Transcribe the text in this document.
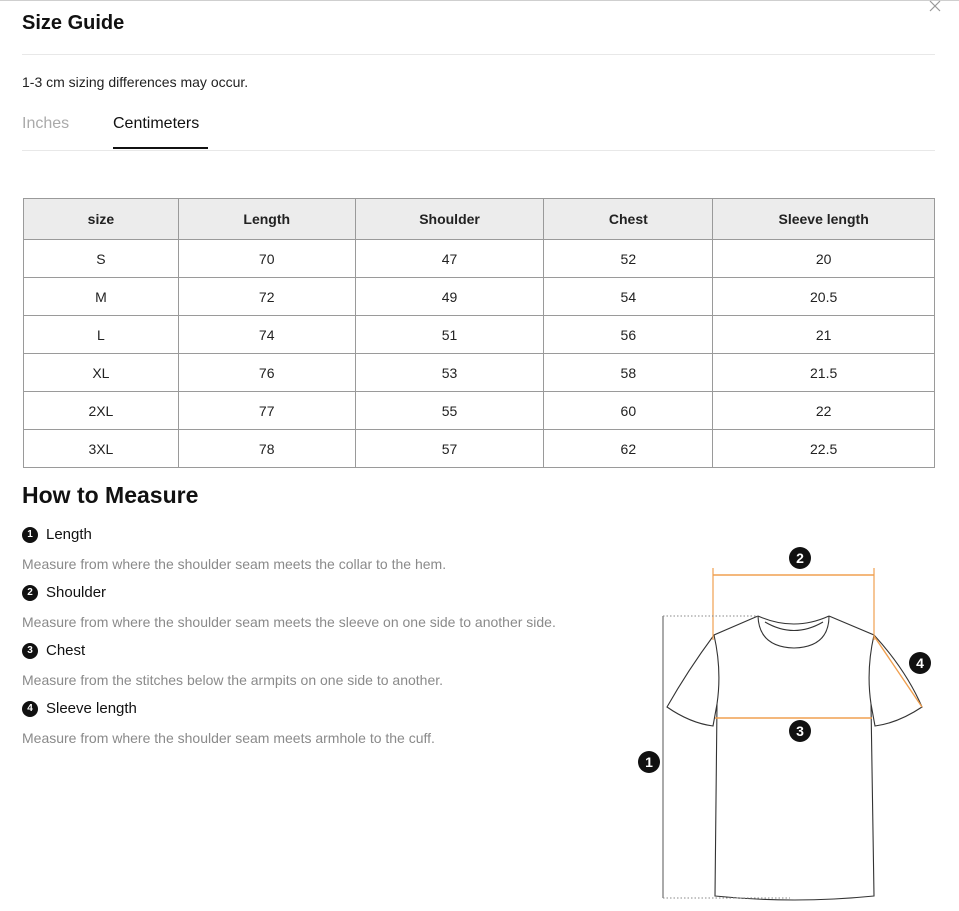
Size Guide
1-3 cm sizing differences may occur.
Inches	Centimeters
size	Length	Shoulder	Chest	Sleeve length
S	70	47	52	20
M	72	49	54	20.5
L	74	51	56	21
XL	76	53	58	21.5
2XL	77	55	60	22
3XL	78	57	62	22.5
How to Measure
1 Length
Measure from where the shoulder seam meets the collar to the hem.
2 Shoulder
Measure from where the shoulder seam meets the sleeve on one side to another side.
3 Chest
Measure from the stitches below the armpits on one side to another.
4 Sleeve length
Measure from where the shoulder seam meets armhole to the cuff.
2
3
4
1
